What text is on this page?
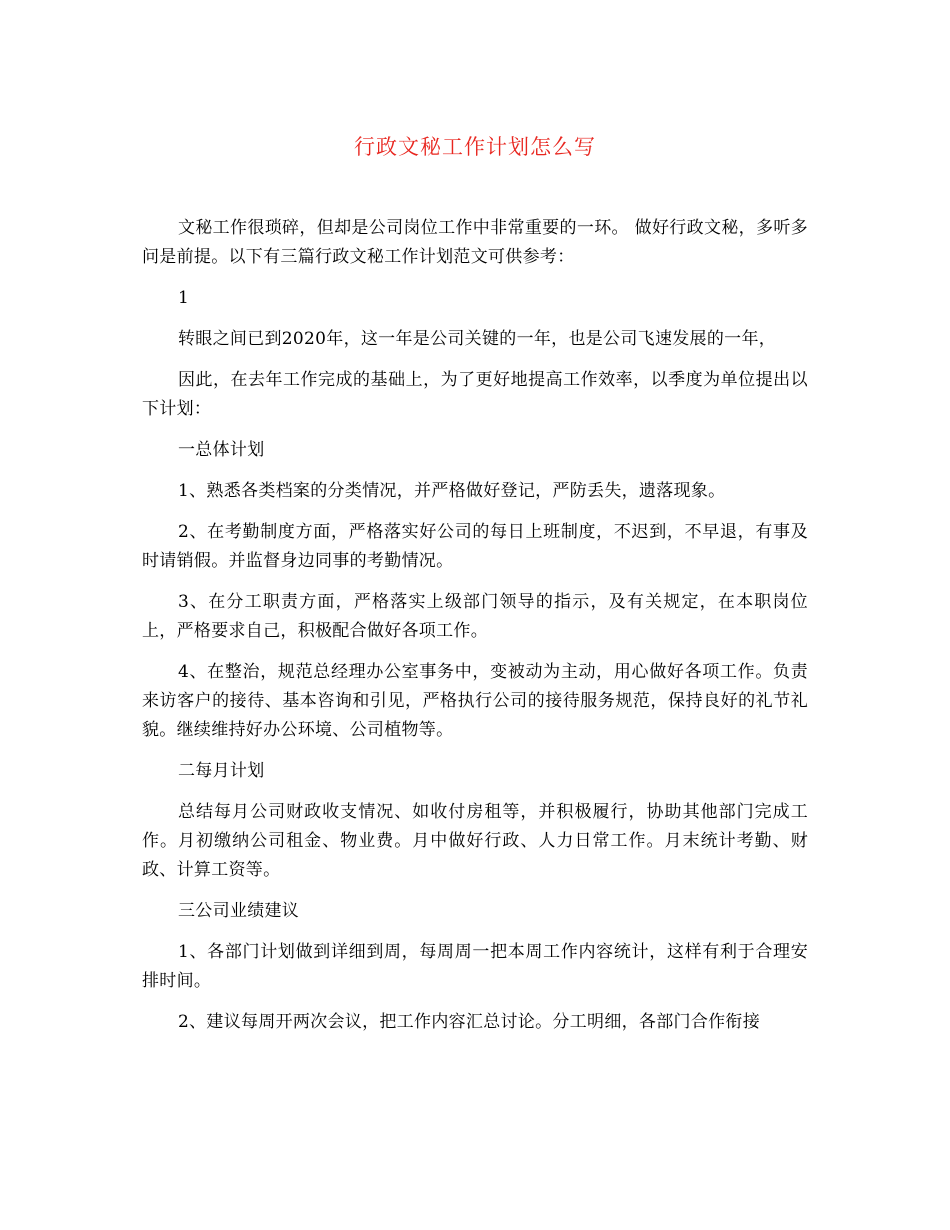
行政文秘工作计划怎么写

文秘工作很琐碎，但却是公司岗位工作中非常重要的一环。 做好行政文秘，多听多问是前提。以下有三篇行政文秘工作计划范文可供参考：

1

转眼之间已到2020年，这一年是公司关键的一年，也是公司飞速发展的一年，

因此，在去年工作完成的基础上，为了更好地提高工作效率，以季度为单位提出以下计划：

一总体计划

1、熟悉各类档案的分类情况，并严格做好登记，严防丢失，遗落现象。

2、在考勤制度方面，严格落实好公司的每日上班制度，不迟到，不早退，有事及时请销假。并监督身边同事的考勤情况。

3、在分工职责方面，严格落实上级部门领导的指示，及有关规定，在本职岗位上，严格要求自己，积极配合做好各项工作。

4、在整治，规范总经理办公室事务中，变被动为主动，用心做好各项工作。负责来访客户的接待、基本咨询和引见，严格执行公司的接待服务规范，保持良好的礼节礼貌。继续维持好办公环境、公司植物等。

二每月计划

总结每月公司财政收支情况、如收付房租等，并积极履行，协助其他部门完成工作。月初缴纳公司租金、物业费。月中做好行政、人力日常工作。月末统计考勤、财政、计算工资等。

三公司业绩建议

1、各部门计划做到详细到周，每周周一把本周工作内容统计，这样有利于合理安排时间。

2、建议每周开两次会议，把工作内容汇总讨论。分工明细，各部门合作衔接
